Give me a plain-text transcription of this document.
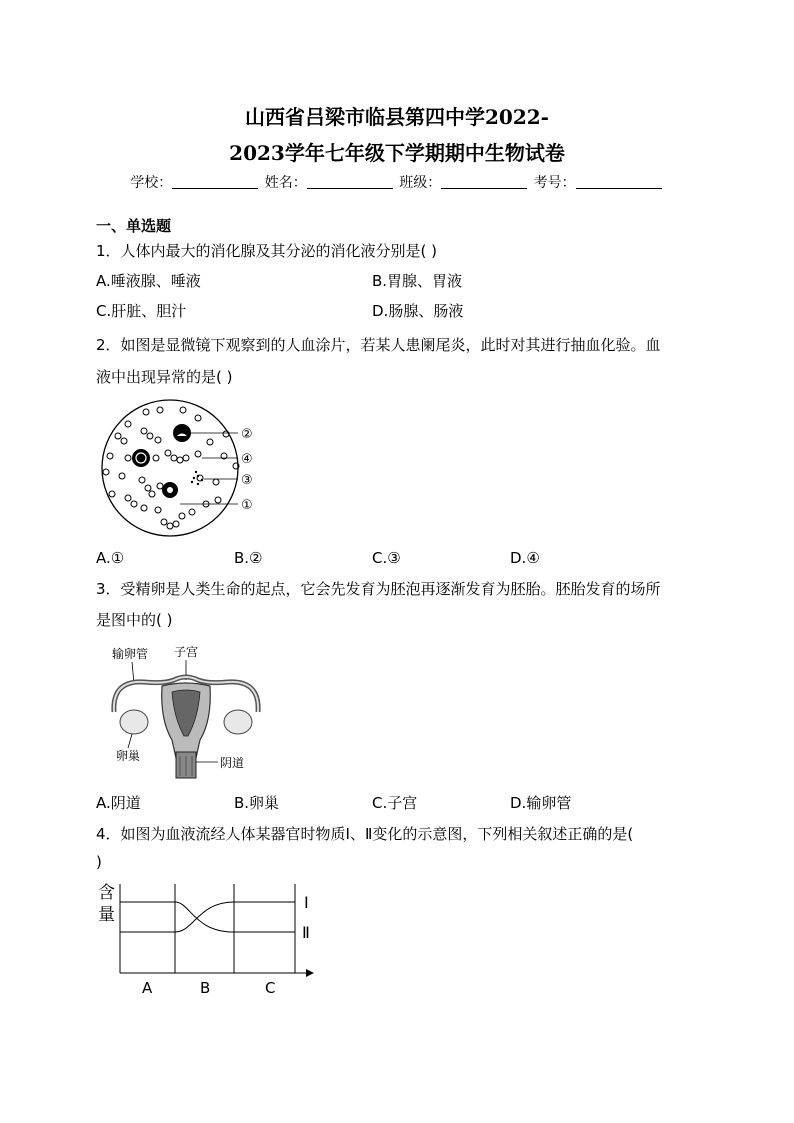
山西省吕梁市临县第四中学2022-
2023学年七年级下学期期中生物试卷
学校：	姓名：	班级：	考号：
一、单选题
1．人体内最大的消化腺及其分泌的消化液分别是( )
A.唾液腺、唾液	B.胃腺、胃液
C.肝脏、胆汁	D.肠腺、肠液
2．如图是显微镜下观察到的人血涂片，若某人患阑尾炎，此时对其进行抽血化验。血
液中出现异常的是( )
②
④
③
①
A.①	B.②	C.③	D.④
3．受精卵是人类生命的起点，它会先发育为胚泡再逐渐发育为胚胎。胚胎发育的场所
是图中的( )
输卵管 子宫
卵巢	阴道
A.阴道	B.卵巢	C.子宫	D.输卵管
4．如图为血液流经人体某器官时物质Ⅰ、Ⅱ变化的示意图，下列相关叙述正确的是(
)
含
量
Ⅰ
Ⅱ
A	B	C
